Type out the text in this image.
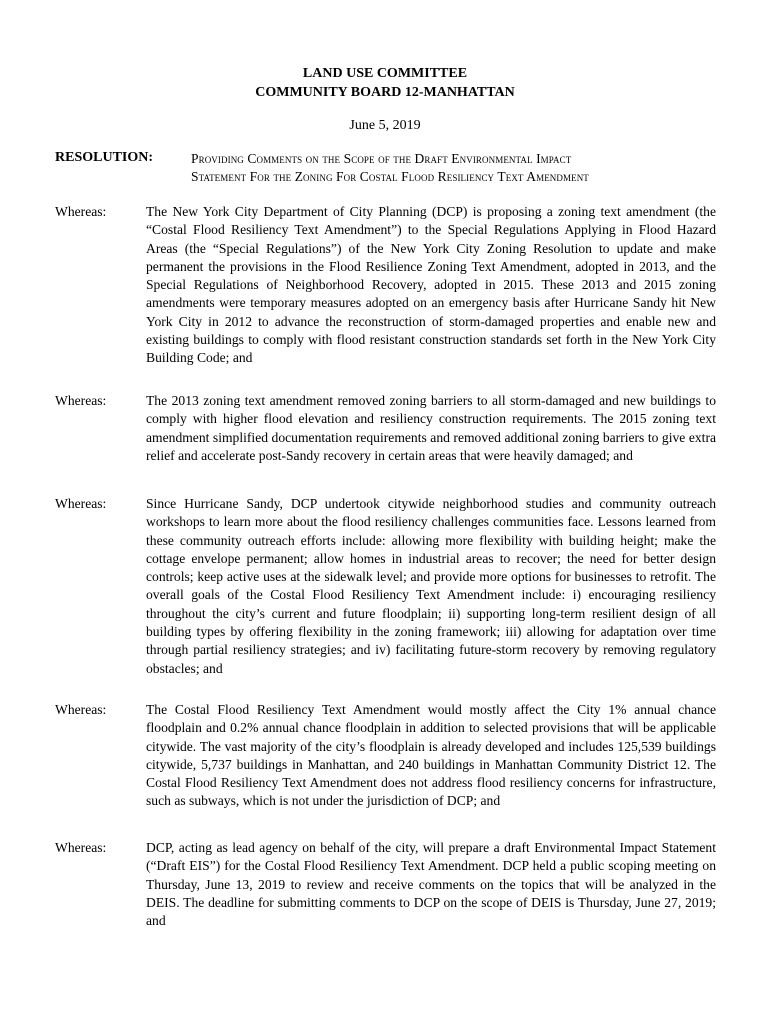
LAND USE COMMITTEE
COMMUNITY BOARD 12-MANHATTAN
June 5, 2019
RESOLUTION:	Providing Comments on the Scope of the Draft Environmental Impact
Statement For the Zoning For Costal Flood Resiliency Text Amendment
Whereas:	The New York City Department of City Planning (DCP) is proposing a zoning text amendment (the “Costal Flood Resiliency Text Amendment”) to the Special Regulations Applying in Flood Hazard Areas (the “Special Regulations”) of the New York City Zoning Resolution to update and make permanent the provisions in the Flood Resilience Zoning Text Amendment, adopted in 2013, and the Special Regulations of Neighborhood Recovery, adopted in 2015. These 2013 and 2015 zoning amendments were temporary measures adopted on an emergency basis after Hurricane Sandy hit New York City in 2012 to advance the reconstruction of storm-damaged properties and enable new and existing buildings to comply with flood resistant construction standards set forth in the New York City Building Code; and
Whereas:	The 2013 zoning text amendment removed zoning barriers to all storm-damaged and new buildings to comply with higher flood elevation and resiliency construction requirements. The 2015 zoning text amendment simplified documentation requirements and removed additional zoning barriers to give extra relief and accelerate post-Sandy recovery in certain areas that were heavily damaged; and
Whereas:	Since Hurricane Sandy, DCP undertook citywide neighborhood studies and community outreach workshops to learn more about the flood resiliency challenges communities face. Lessons learned from these community outreach efforts include: allowing more flexibility with building height; make the cottage envelope permanent; allow homes in industrial areas to recover; the need for better design controls; keep active uses at the sidewalk level; and provide more options for businesses to retrofit. The overall goals of the Costal Flood Resiliency Text Amendment include: i) encouraging resiliency throughout the city’s current and future floodplain; ii) supporting long-term resilient design of all building types by offering flexibility in the zoning framework; iii) allowing for adaptation over time through partial resiliency strategies; and iv) facilitating future-storm recovery by removing regulatory obstacles; and
Whereas:	The Costal Flood Resiliency Text Amendment would mostly affect the City 1% annual chance floodplain and 0.2% annual chance floodplain in addition to selected provisions that will be applicable citywide. The vast majority of the city’s floodplain is already developed and includes 125,539 buildings citywide, 5,737 buildings in Manhattan, and 240 buildings in Manhattan Community District 12. The Costal Flood Resiliency Text Amendment does not address flood resiliency concerns for infrastructure, such as subways, which is not under the jurisdiction of DCP; and
Whereas:	DCP, acting as lead agency on behalf of the city, will prepare a draft Environmental Impact Statement (“Draft EIS”) for the Costal Flood Resiliency Text Amendment. DCP held a public scoping meeting on Thursday, June 13, 2019 to review and receive comments on the topics that will be analyzed in the DEIS. The deadline for submitting comments to DCP on the scope of DEIS is Thursday, June 27, 2019; and
